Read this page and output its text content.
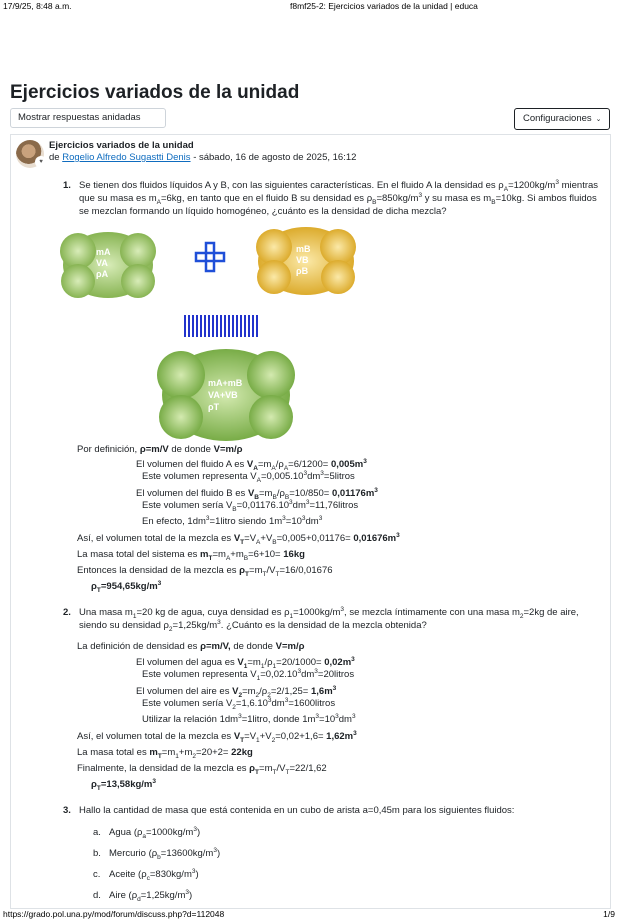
17/9/25, 8:48 a.m.	f8mf25-2: Ejercicios variados de la unidad | educa
Ejercicios variados de la unidad
Mostrar respuestas anidadas	Configuraciones ⌄
♥
Ejercicios variados de la unidad
de Rogelio Alfredo Sugastti Denis - sábado, 16 de agosto de 2025, 16:12
1. Se tienen dos fluidos líquidos A y B, con las siguientes características. En el fluido A la densidad es $\rho_A=1200kg/m^3$ mientras que su masa es $m_A=6kg$, en tanto que en el fluido B su densidad es $\rho_B=850kg/m^3$ y su masa es $m_B=10kg$. Si ambos fluidos se mezclan formando un líquido homogéneo, ¿cuánto es la densidad de dicha mezcla?
mA
VA
ρA
mB
VB
ρB
mA+mB
VA+VB
ρT
Por definición, ρ=m/V de donde V=m/ρ
El volumen del fluido A es $V_A=m_A/\rho_A=6/1200= 0,005m^3$
Este volumen representa $V_A=0,005.10^3dm^3=5litros$
El volumen del fluido B es $V_B=m_B/\rho_B=10/850= 0,01176m^3$
Este volumen sería $V_B=0,01176.10^3dm^3=11,76litros$
En efecto, $1dm^3=1litro$ siendo $1m^3=10^3dm^3$
Así, el volumen total de la mezcla es $V_T=V_A+V_B=0,005+0,01176= 0,01676m^3$
La masa total del sistema es $m_T=m_A+m_B=6+10= 16kg$
Entonces la densidad de la mezcla es $\rho_T=m_T/V_T=16/0,01676$
$\rho_T=954,65kg/m^3$
2. Una masa $m_1=20$ kg de agua, cuya densidad es $\rho_1=1000kg/m^3$, se mezcla íntimamente con una masa $m_2=2kg$ de aire, siendo su densidad $\rho_2=1,25kg/m^3$. ¿Cuánto es la densidad de la mezcla obtenida?
La definición de densidad es ρ=m/V, de donde V=m/ρ
El volumen del agua es $V_1=m_1/\rho_1=20/1000= 0,02m^3$
Este volumen representa $V_1=0,02.10^3dm^3=20litros$
El volumen del aire es $V_2=m_2/\rho_2=2/1,25= 1,6m^3$
Este volumen sería $V_2=1,6.10^3dm^3=1600litros$
Utilizar la relación $1dm^3=1litro$, donde $1m^3=10^3dm^3$
Así, el volumen total de la mezcla es $V_T=V_1+V_2=0,02+1,6= 1,62m^3$
La masa total es $m_T=m_1+m_2=20+2= 22kg$
Finalmente, la densidad de la mezcla es $\rho_T=m_T/V_T=22/1,62$
$\rho_T=13,58kg/m^3$
3. Hallo la cantidad de masa que está contenida en un cubo de arista a=0,45m para los siguientes fluidos:
a. Agua $(\rho_a=1000kg/m^3)$
b. Mercurio $(\rho_b=13600kg/m^3)$
c. Aceite $(\rho_c=830kg/m^3)$
d. Aire $(\rho_d=1,25kg/m^3)$
https://grado.pol.una.py/mod/forum/discuss.php?d=112048	1/9
